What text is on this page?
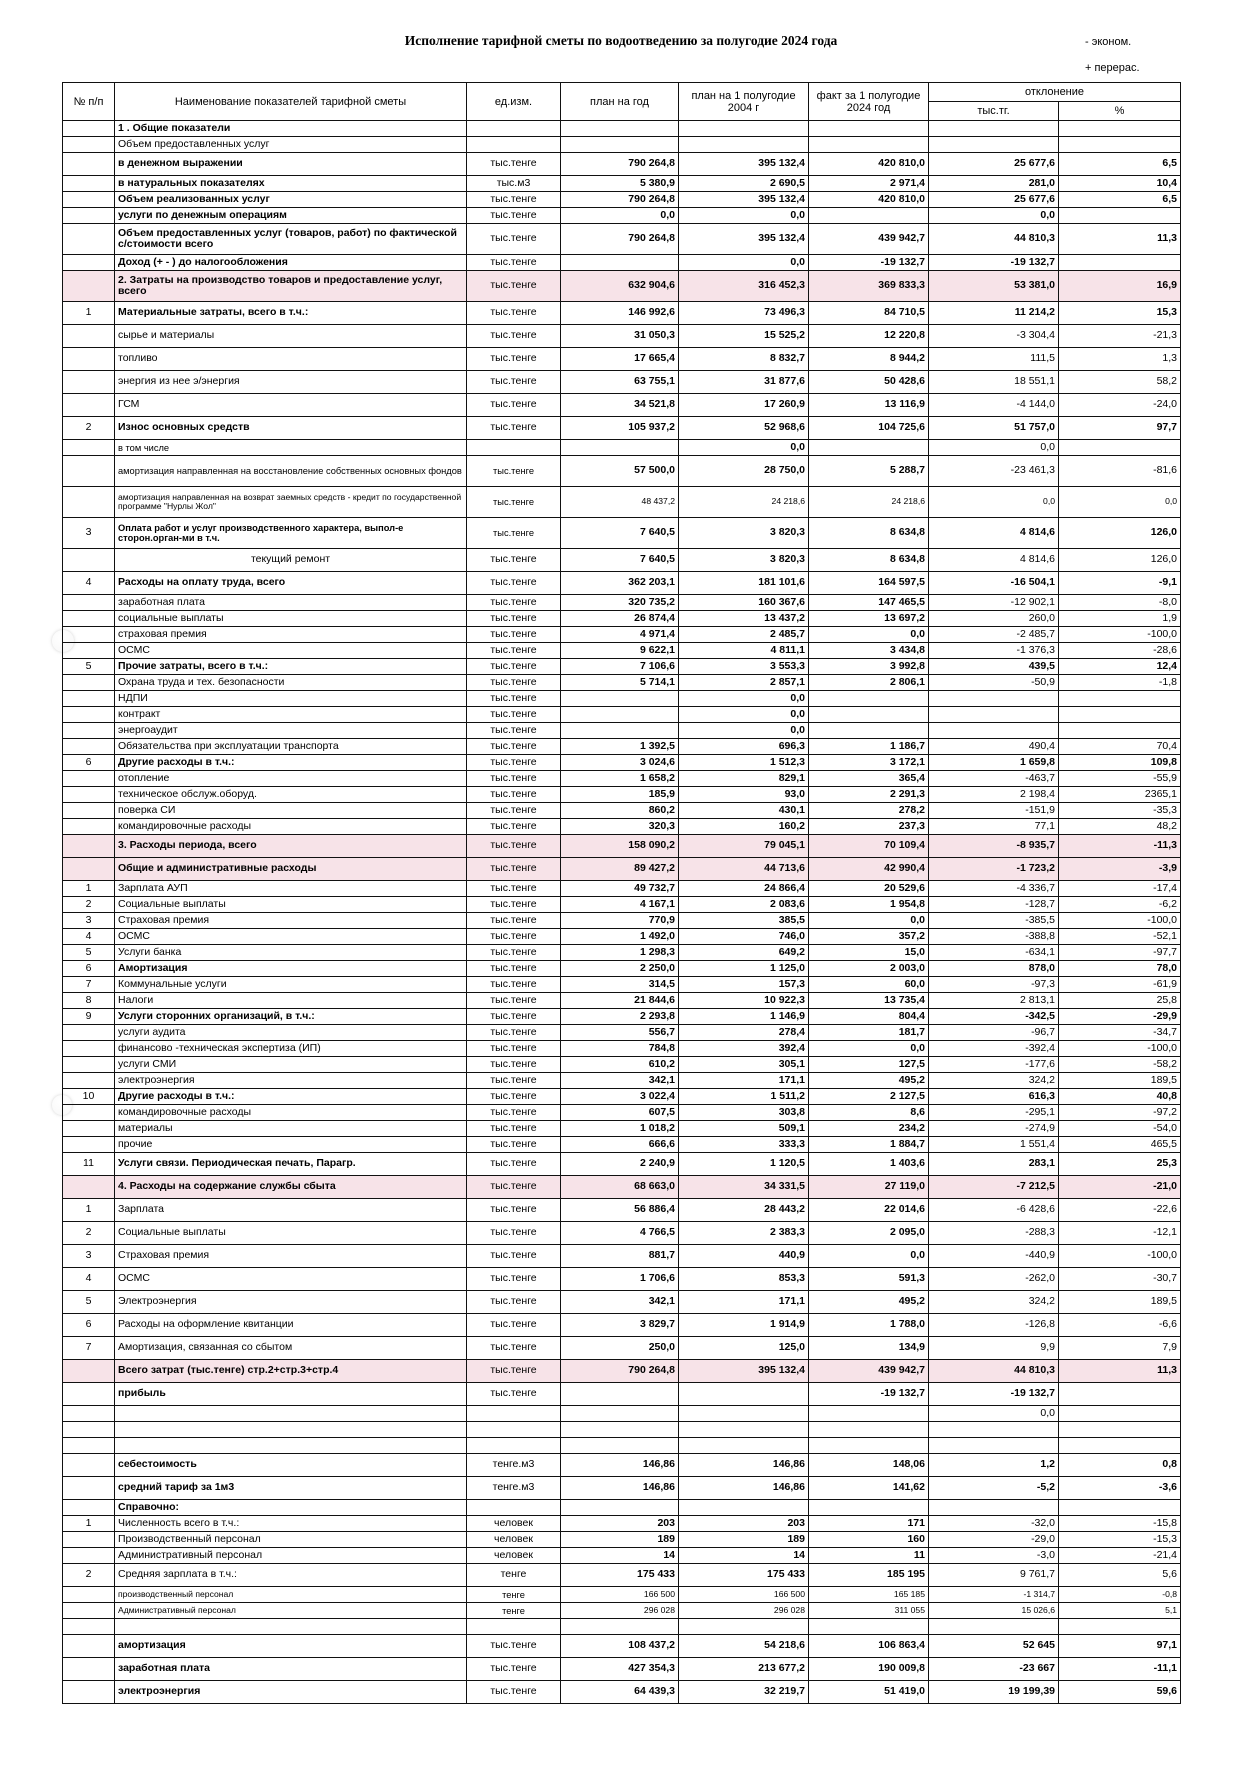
Исполнение тарифной сметы по водоотведению за полугодие 2024 года	- эконом.
+ перерас.
№ п/п	Наименование показателей тарифной сметы	ед.изм.	план на год	план на 1 полугодие 2004 г	факт за 1 полугодие 2024 год	отклонение	
						тыс.тг.	%
	1 . Общие показатели						
	Объем предоставленных услуг						
	в денежном выражении	тыс.тенге	790 264,8	395 132,4	420 810,0	25 677,6	6,5
	в натуральных показателях	тыс.м3	5 380,9	2 690,5	2 971,4	281,0	10,4
	Объем реализованных услуг	тыс.тенге	790 264,8	395 132,4	420 810,0	25 677,6	6,5
	услуги по денежным операциям	тыс.тенге	0,0	0,0		0,0	
	Объем предоставленных услуг (товаров, работ) по фактической с/стоимости всего	тыс.тенге	790 264,8	395 132,4	439 942,7	44 810,3	11,3
	Доход (+ - ) до налогообложения	тыс.тенге		0,0	-19 132,7	-19 132,7	
	2. Затраты на производство товаров и предоставление услуг, всего	тыс.тенге	632 904,6	316 452,3	369 833,3	53 381,0	16,9
1	Материальные затраты, всего в т.ч.:	тыс.тенге	146 992,6	73 496,3	84 710,5	11 214,2	15,3
	сырье и материалы	тыс.тенге	31 050,3	15 525,2	12 220,8	-3 304,4	-21,3
	топливо	тыс.тенге	17 665,4	8 832,7	8 944,2	111,5	1,3
	энергия из нее э/энергия	тыс.тенге	63 755,1	31 877,6	50 428,6	18 551,1	58,2
	ГСМ	тыс.тенге	34 521,8	17 260,9	13 116,9	-4 144,0	-24,0
2	Износ основных средств	тыс.тенге	105 937,2	52 968,6	104 725,6	51 757,0	97,7
	в том числе			0,0		0,0	
	амортизация направленная на восстановление собственных основных фондов	тыс.тенге	57 500,0	28 750,0	5 288,7	-23 461,3	-81,6
	амортизация направленная на возврат заемных средств - кредит по государственной программе "Нурлы Жол"	тыс.тенге	48 437,2	24 218,6	24 218,6	0,0	0,0
3	Оплата работ и услуг производственного характера, выпол-е сторон.орган-ми в т.ч.	тыс.тенге	7 640,5	3 820,3	8 634,8	4 814,6	126,0
	текущий ремонт	тыс.тенге	7 640,5	3 820,3	8 634,8	4 814,6	126,0
4	Расходы на оплату труда, всего	тыс.тенге	362 203,1	181 101,6	164 597,5	-16 504,1	-9,1
	заработная плата	тыс.тенге	320 735,2	160 367,6	147 465,5	-12 902,1	-8,0
	социальные выплаты	тыс.тенге	26 874,4	13 437,2	13 697,2	260,0	1,9
	страховая премия	тыс.тенге	4 971,4	2 485,7	0,0	-2 485,7	-100,0
	ОСМС	тыс.тенге	9 622,1	4 811,1	3 434,8	-1 376,3	-28,6
5	Прочие затраты, всего в т.ч.:	тыс.тенге	7 106,6	3 553,3	3 992,8	439,5	12,4
	Охрана труда и тех. безопасности	тыс.тенге	5 714,1	2 857,1	2 806,1	-50,9	-1,8
	НДПИ	тыс.тенге		0,0			
	контракт	тыс.тенге		0,0			
	энергоаудит	тыс.тенге		0,0			
	Обязательства при эксплуатации транспорта	тыс.тенге	1 392,5	696,3	1 186,7	490,4	70,4
6	Другие расходы в т.ч.:	тыс.тенге	3 024,6	1 512,3	3 172,1	1 659,8	109,8
	отопление	тыс.тенге	1 658,2	829,1	365,4	-463,7	-55,9
	техническое обслуж.оборуд.	тыс.тенге	185,9	93,0	2 291,3	2 198,4	2365,1
	поверка СИ	тыс.тенге	860,2	430,1	278,2	-151,9	-35,3
	командировочные расходы	тыс.тенге	320,3	160,2	237,3	77,1	48,2
	3. Расходы периода, всего	тыс.тенге	158 090,2	79 045,1	70 109,4	-8 935,7	-11,3
	Общие и административные расходы	тыс.тенге	89 427,2	44 713,6	42 990,4	-1 723,2	-3,9
1	Зарплата АУП	тыс.тенге	49 732,7	24 866,4	20 529,6	-4 336,7	-17,4
2	Социальные выплаты	тыс.тенге	4 167,1	2 083,6	1 954,8	-128,7	-6,2
3	Страховая премия	тыс.тенге	770,9	385,5	0,0	-385,5	-100,0
4	ОСМС	тыс.тенге	1 492,0	746,0	357,2	-388,8	-52,1
5	Услуги банка	тыс.тенге	1 298,3	649,2	15,0	-634,1	-97,7
6	Амортизация	тыс.тенге	2 250,0	1 125,0	2 003,0	878,0	78,0
7	Коммунальные услуги	тыс.тенге	314,5	157,3	60,0	-97,3	-61,9
8	Налоги	тыс.тенге	21 844,6	10 922,3	13 735,4	2 813,1	25,8
9	Услуги сторонних организаций, в т.ч.:	тыс.тенге	2 293,8	1 146,9	804,4	-342,5	-29,9
	услуги аудита	тыс.тенге	556,7	278,4	181,7	-96,7	-34,7
	финансово -техническая экспертиза (ИП)	тыс.тенге	784,8	392,4	0,0	-392,4	-100,0
	услуги СМИ	тыс.тенге	610,2	305,1	127,5	-177,6	-58,2
	электроэнергия	тыс.тенге	342,1	171,1	495,2	324,2	189,5
10	Другие расходы в т.ч.:	тыс.тенге	3 022,4	1 511,2	2 127,5	616,3	40,8
	командировочные расходы	тыс.тенге	607,5	303,8	8,6	-295,1	-97,2
	материалы	тыс.тенге	1 018,2	509,1	234,2	-274,9	-54,0
	прочие	тыс.тенге	666,6	333,3	1 884,7	1 551,4	465,5
11	Услуги связи. Периодическая печать, Парагр.	тыс.тенге	2 240,9	1 120,5	1 403,6	283,1	25,3
	4. Расходы на содержание службы сбыта	тыс.тенге	68 663,0	34 331,5	27 119,0	-7 212,5	-21,0
1	Зарплата	тыс.тенге	56 886,4	28 443,2	22 014,6	-6 428,6	-22,6
2	Социальные выплаты	тыс.тенге	4 766,5	2 383,3	2 095,0	-288,3	-12,1
3	Страховая премия	тыс.тенге	881,7	440,9	0,0	-440,9	-100,0
4	ОСМС	тыс.тенге	1 706,6	853,3	591,3	-262,0	-30,7
5	Электроэнергия	тыс.тенге	342,1	171,1	495,2	324,2	189,5
6	Расходы на оформление квитанции	тыс.тенге	3 829,7	1 914,9	1 788,0	-126,8	-6,6
7	Амортизация, связанная со сбытом	тыс.тенге	250,0	125,0	134,9	9,9	7,9
	Всего затрат (тыс.тенге) стр.2+стр.3+стр.4	тыс.тенге	790 264,8	395 132,4	439 942,7	44 810,3	11,3
	прибыль	тыс.тенге			-19 132,7	-19 132,7	
						0,0	

	себестоимость	тенге.м3	146,86	146,86	148,06	1,2	0,8
	средний тариф за 1м3	тенге.м3	146,86	146,86	141,62	-5,2	-3,6
	Справочно:						
1	Численность всего в т.ч.:	человек	203	203	171	-32,0	-15,8
	Производственный персонал	человек	189	189	160	-29,0	-15,3
	Административный персонал	человек	14	14	11	-3,0	-21,4
2	Средняя зарплата в т.ч.:	тенге	175 433	175 433	185 195	9 761,7	5,6
	производственный персонал	тенге	166 500	166 500	165 185	-1 314,7	-0,8
	Административный персонал	тенге	296 028	296 028	311 055	15 026,6	5,1

	амортизация	тыс.тенге	108 437,2	54 218,6	106 863,4	52 645	97,1
	заработная плата	тыс.тенге	427 354,3	213 677,2	190 009,8	-23 667	-11,1
	электроэнергия	тыс.тенге	64 439,3	32 219,7	51 419,0	19 199,39	59,6
